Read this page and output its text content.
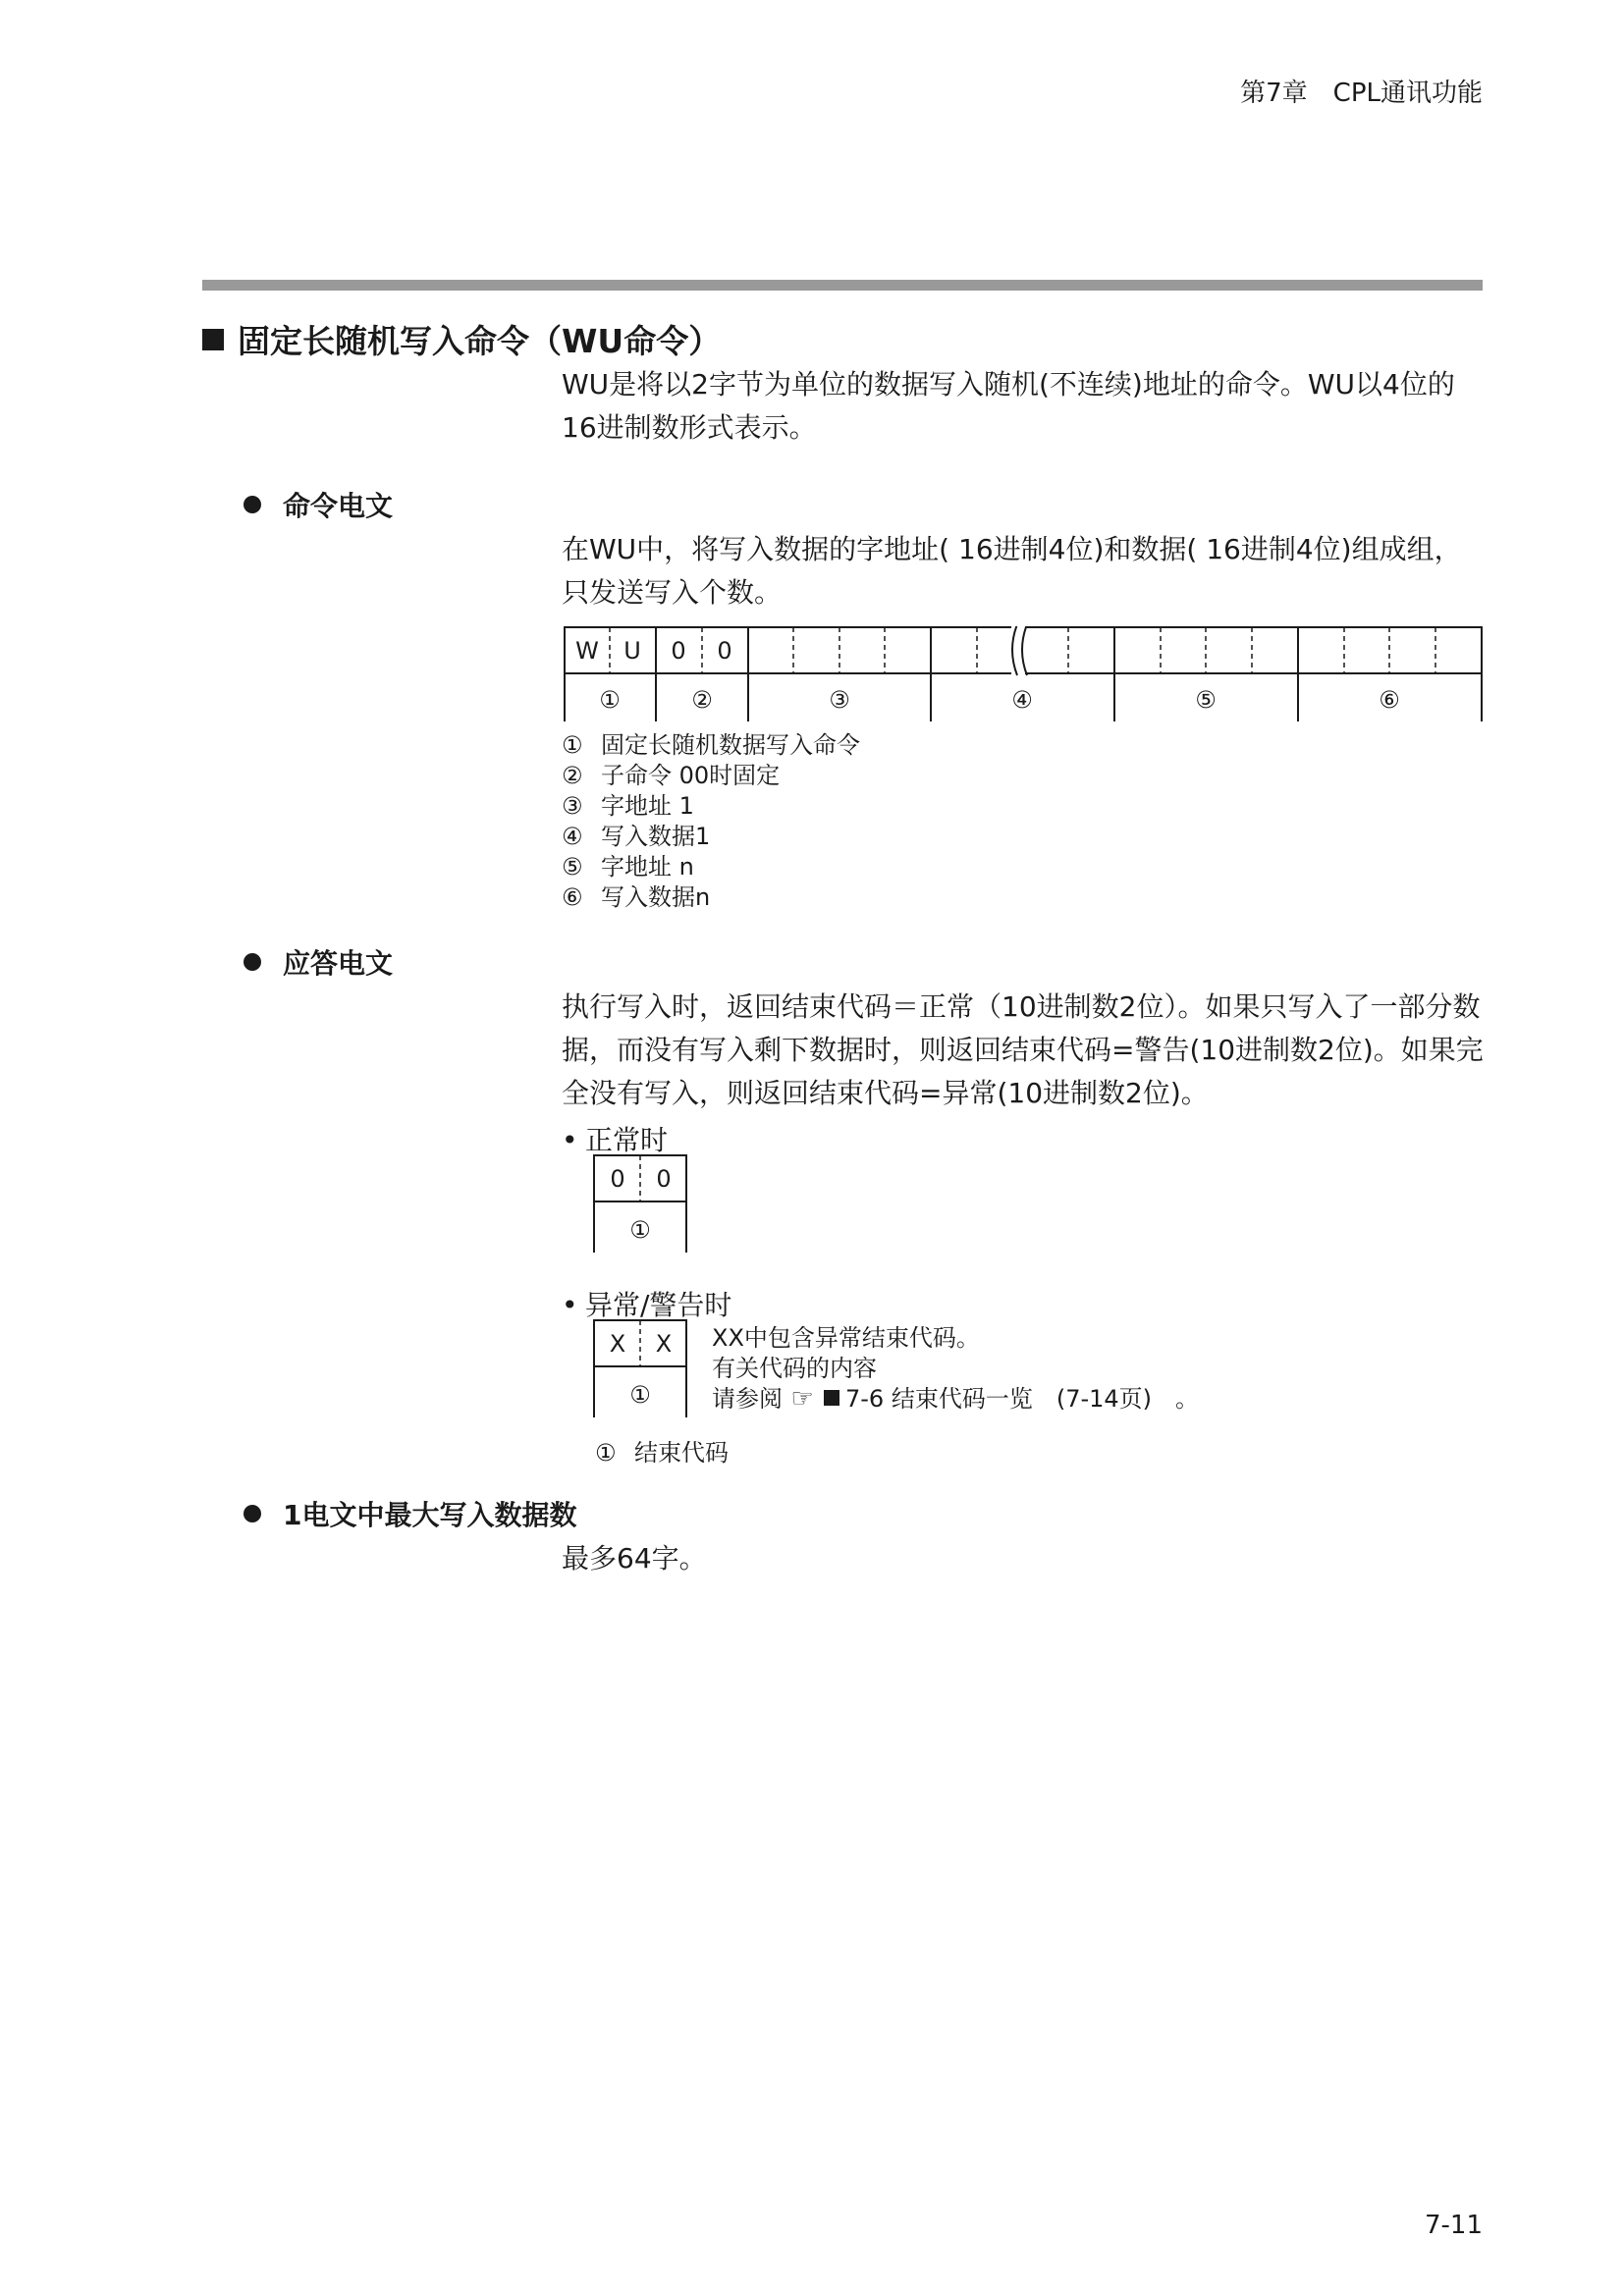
第7章　CPL通讯功能
固定长随机写入命令（WU命令）
WU是将以2字节为单位的数据写入随机(不连续)地址的命令。WU以4位的16进制数形式表示。
命令电文
在WU中，将写入数据的字地址( 16进制4位)和数据( 16进制4位)组成组，只发送写入个数。
W U 0 0
①	②	③	④	⑤	⑥
① 固定长随机数据写入命令
② 子命令 00时固定
③ 字地址 1
④ 写入数据1
⑤ 字地址 n
⑥ 写入数据n
应答电文
执行写入时，返回结束代码＝正常（10进制数2位）。如果只写入了一部分数据，而没有写入剩下数据时，则返回结束代码=警告(10进制数2位)。如果完全没有写入，则返回结束代码=异常(10进制数2位)。
• 正常时
0 0
①
• 异常/警告时
X X
①
XX中包含异常结束代码。
有关代码的内容
请参阅 ☞ 7-6 结束代码一览　(7-14页)　。
① 结束代码
1电文中最大写入数据数
最多64字。
7-11
